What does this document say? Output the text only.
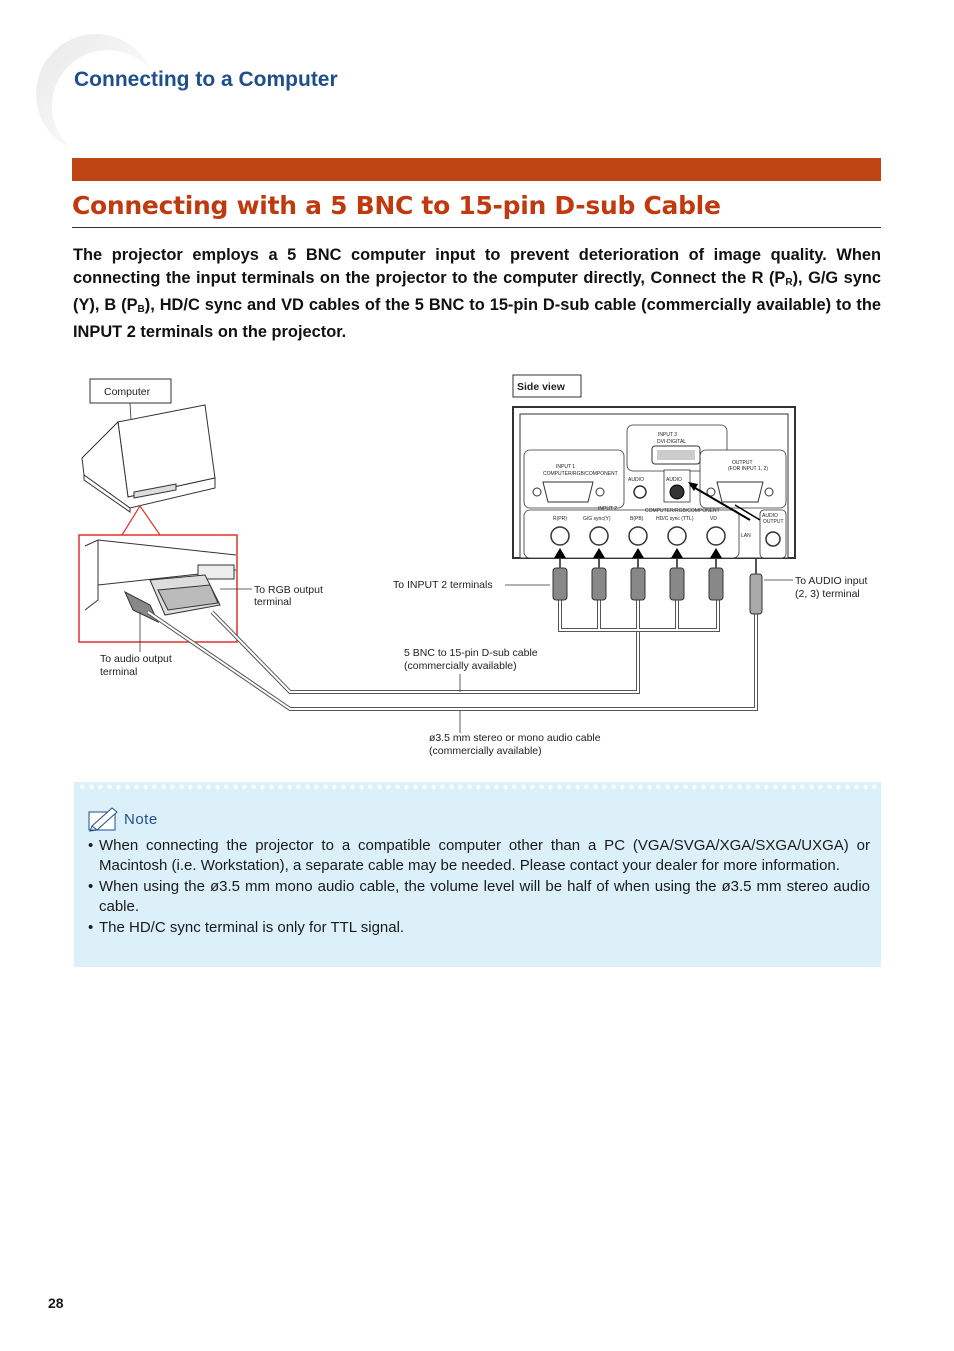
Connecting to a Computer
Connecting with a 5 BNC to 15-pin D-sub Cable
The projector employs a 5 BNC computer input to prevent deterioration of image quality. When connecting the input terminals on the projector to the computer directly, Connect the R $(P_R)$, G/G sync (Y), B $(P_B)$, HD/C sync and VD cables of the 5 BNC to 15-pin D-sub cable (commercially available) to the INPUT 2 terminals on the projector.
Computer	Side view
INPUT 3
DVI-DIGITAL
INPUT 1
COMPUTER/RGB/COMPONENT
AUDIO	AUDIO
OUTPUT
(FOR INPUT 1, 2)
INPUT 2	COMPUTER/RGB/COMPONENT
R(PR)	G/G sync(Y)	B(PB)	HD/C sync (TTL)	VD	AUDIO
OUTPUT
LAN
To RGB output
terminal
To audio output
terminal
To INPUT 2 terminals	To AUDIO input
(2, 3) terminal
5 BNC to 15-pin D-sub cable
(commercially available)
ø3.5 mm stereo or mono audio cable
(commercially available)
Note
• When connecting the projector to a compatible computer other than a PC (VGA/SVGA/XGA/SXGA/UXGA) or Macintosh (i.e. Workstation), a separate cable may be needed. Please contact your dealer for more information.
• When using the ø3.5 mm mono audio cable, the volume level will be half of when using the ø3.5 mm stereo audio cable.
• The HD/C sync terminal is only for TTL signal.
28
